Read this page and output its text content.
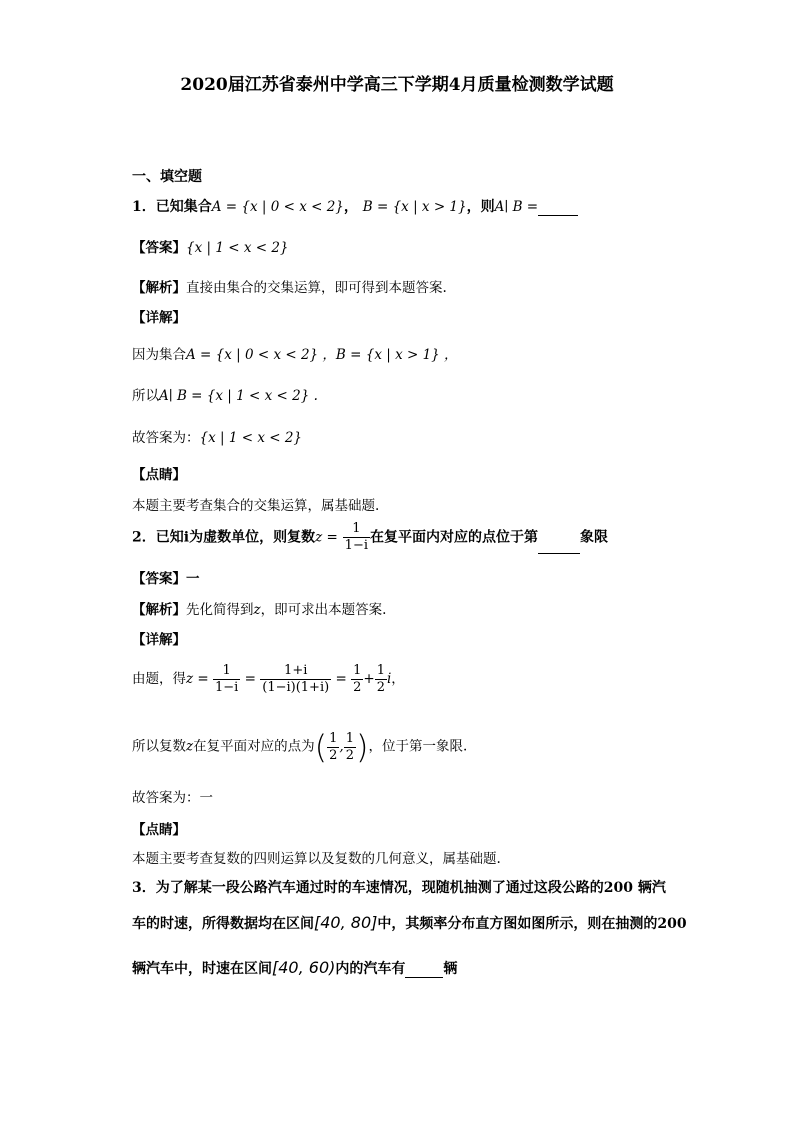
2020届江苏省泰州中学高三下学期4月质量检测数学试题
一、填空题
1．已知集合A = {x | 0 < x < 2}， B = {x | x > 1}，则A∣ B =
【答案】{x | 1 < x < 2}
【解析】直接由集合的交集运算，即可得到本题答案.
【详解】
因为集合A = {x | 0 < x < 2} ，B = {x | x > 1} ，
所以A∣ B = {x | 1 < x < 2} .
故答案为：{x | 1 < x < 2}
【点睛】
本题主要考查集合的交集运算，属基础题.
2．已知i为虚数单位，则复数$z = \frac{1}{1-i}$ 在复平面内对应的点位于第	象限
【答案】一
【解析】先化简得到z，即可求出本题答案.
【详解】
由题，得$z = \frac{1}{1-i} = \frac{1+i}{(1-i)(1+i)} = \frac{1}{2} + \frac{1}{2}$ i，
所以复数z在复平面对应的点为( $\frac{1}{2}$ , $\frac{1}{2}$ )，位于第一象限.
故答案为：一
【点睛】
本题主要考查复数的四则运算以及复数的几何意义，属基础题.
3．为了解某一段公路汽车通过时的车速情况，现随机抽测了通过这段公路的200 辆汽
车的时速，所得数据均在区间[40, 80]中，其频率分布直方图如图所示，则在抽测的200
辆汽车中，时速在区间[40, 60)内的汽车有	辆
